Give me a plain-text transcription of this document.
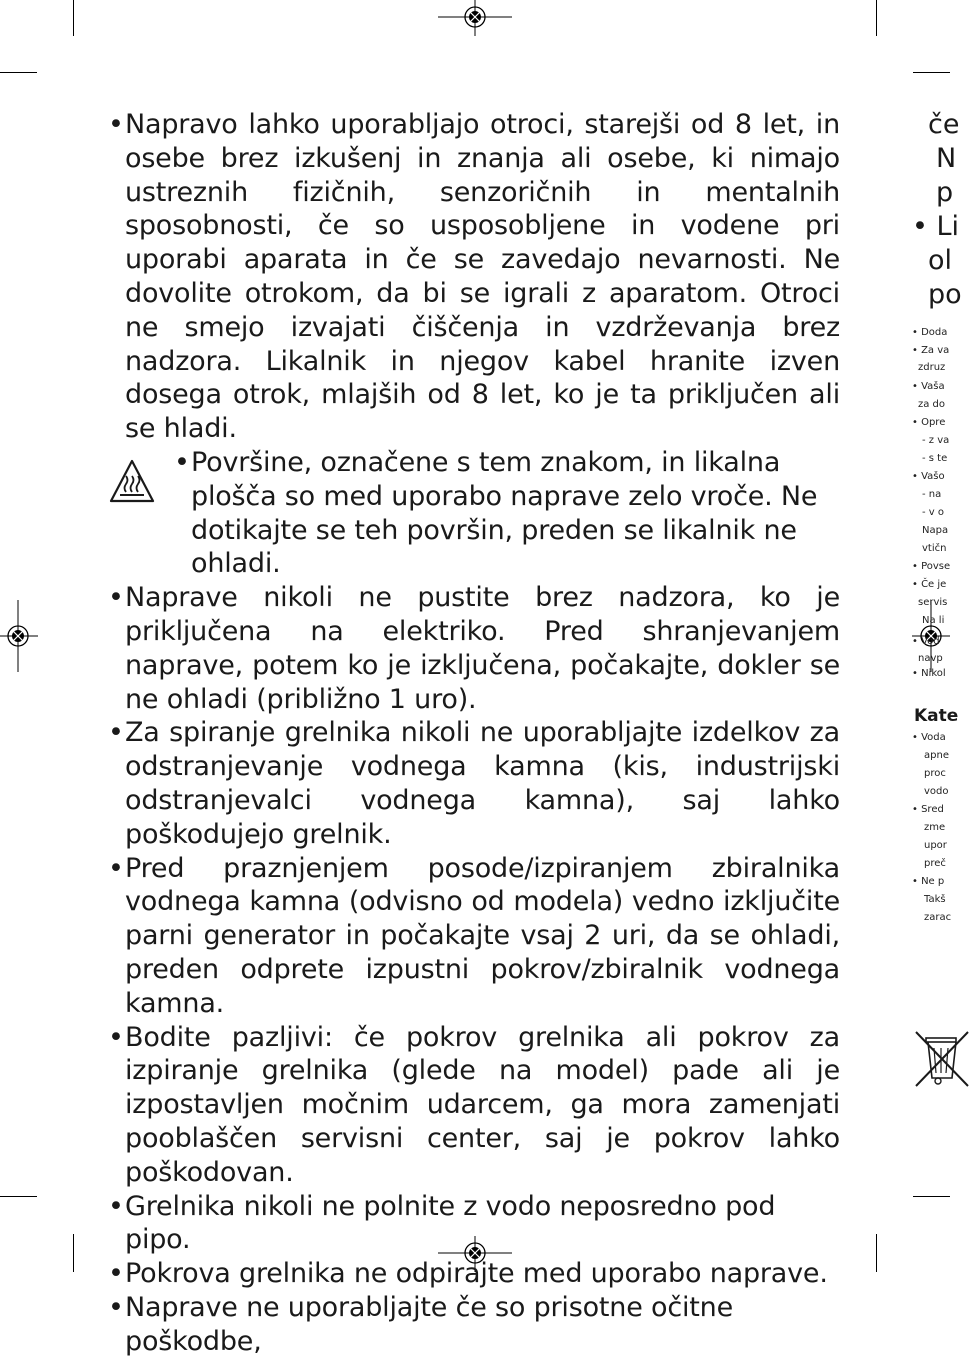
• Napravo lahko uporabljajo otroci, starejši od 8 let, in osebe brez izkušenj in znanja ali osebe, ki nimajo ustreznih fizičnih, senzoričnih in mentalnih sposobnosti, če so usposobljene in vodene pri uporabi aparata in če se zavedajo nevarnosti. Ne dovolite otrokom, da bi se igrali z aparatom. Otroci ne smejo izvajati čiščenja in vzdrževanja brez nadzora. Likalnik in njegov kabel hranite izven dosega otrok, mlajših od 8 let, ko je ta priključen ali se hladi.
• Površine, označene s tem znakom, in likalna plošča so med uporabo naprave zelo vroče. Ne dotikajte se teh površin, preden se likalnik ne ohladi.
• Naprave nikoli ne pustite brez nadzora, ko je priključena na elektriko. Pred shranjevanjem naprave, potem ko je izključena, počakajte, dokler se ne ohladi (približno 1 uro).
• Za spiranje grelnika nikoli ne uporabljajte izdelkov za odstranjevanje vodnega kamna (kis, industrijski odstranjevalci vodnega kamna), saj lahko poškodujejo grelnik.
• Pred praznjenjem posode/izpiranjem zbiralnika vodnega kamna (odvisno od modela) vedno izključite parni generator in počakajte vsaj 2 uri, da se ohladi, preden odprete izpustni pokrov/zbiralnik vodnega kamna.
• Bodite pazljivi: če pokrov grelnika ali pokrov za izpiranje grelnika (glede na model) pade ali je izpostavljen močnim udarcem, ga mora zamenjati pooblaščen servisni center, saj je pokrov lahko poškodovan.
• Grelnika nikoli ne polnite z vodo neposredno pod pipo.
• Pokrova grelnika ne odpirajte med uporabo naprave.
• Naprave ne uporabljajte če so prisotne očitne poškodbe,
če
N
p
• Li
ol
po
• Doda
• Za va
zdruz
• Vaša
za do
• Opre
- z va
- s te
• Vašo
- na
- v o
Napa
vtičn
• Povse
• Če je
servis
Na li
• Vod
navp
• Nikol
Kate
• Voda
apne
proc
vodo
• Sred
zme
upor
preč
• Ne p
Takš
zarac
